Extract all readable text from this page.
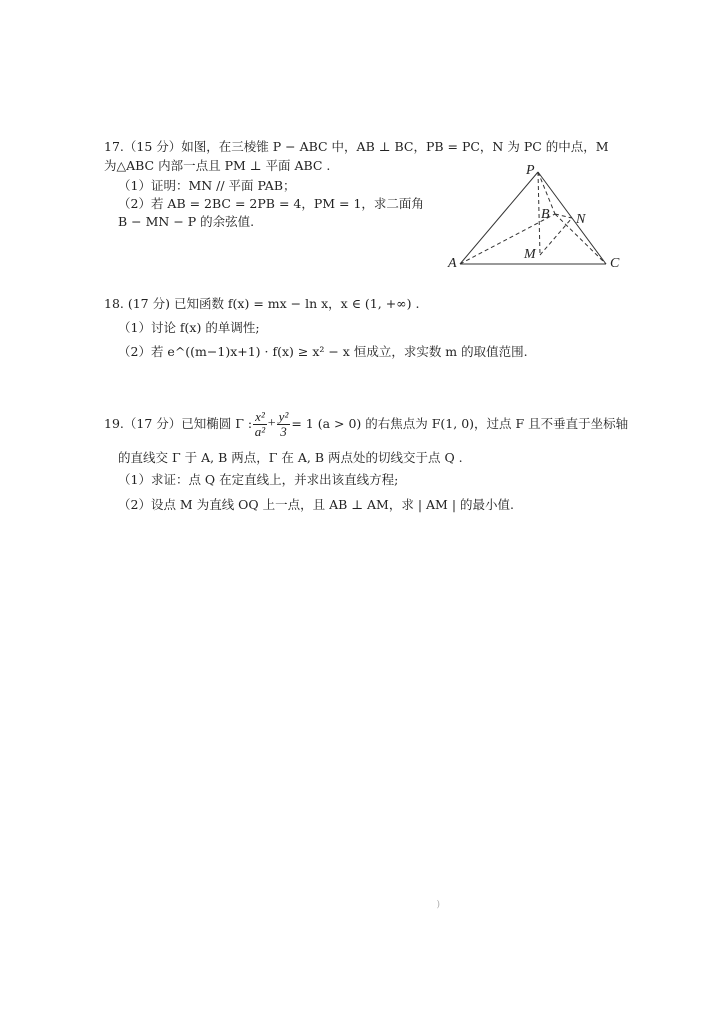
17.（15 分）如图，在三棱锥 P − ABC 中，AB ⊥ BC，PB = PC，N 为 PC 的中点，M
为△ABC 内部一点且 PM ⊥ 平面 ABC .
（1）证明：MN // 平面 PAB；
（2）若 AB = 2BC = 2PB = 4，PM = 1，求二面角
B − MN − P 的余弦值.
P
A
B
C
N
M
18. (17 分) 已知函数 f(x) = mx − ln x，x ∈ (1, +∞) .
（1）讨论 f(x) 的单调性;
（2）若 e^((m−1)x+1) · f(x) ≥ x² − x 恒成立，求实数 m 的取值范围.
19.（17 分）已知椭圆 Γ : $\frac{\text{x²}}{\text{a²}} + \frac{\text{y²}}{3} = 1$ (a > 0) 的右焦点为 F(1, 0)，过点 F 且不垂直于坐标轴
的直线交 Γ 于 A, B 两点，Γ 在 A, B 两点处的切线交于点 Q .
（1）求证：点 Q 在定直线上，并求出该直线方程;
（2）设点 M 为直线 OQ 上一点，且 AB ⊥ AM，求 | AM | 的最小值.
)
